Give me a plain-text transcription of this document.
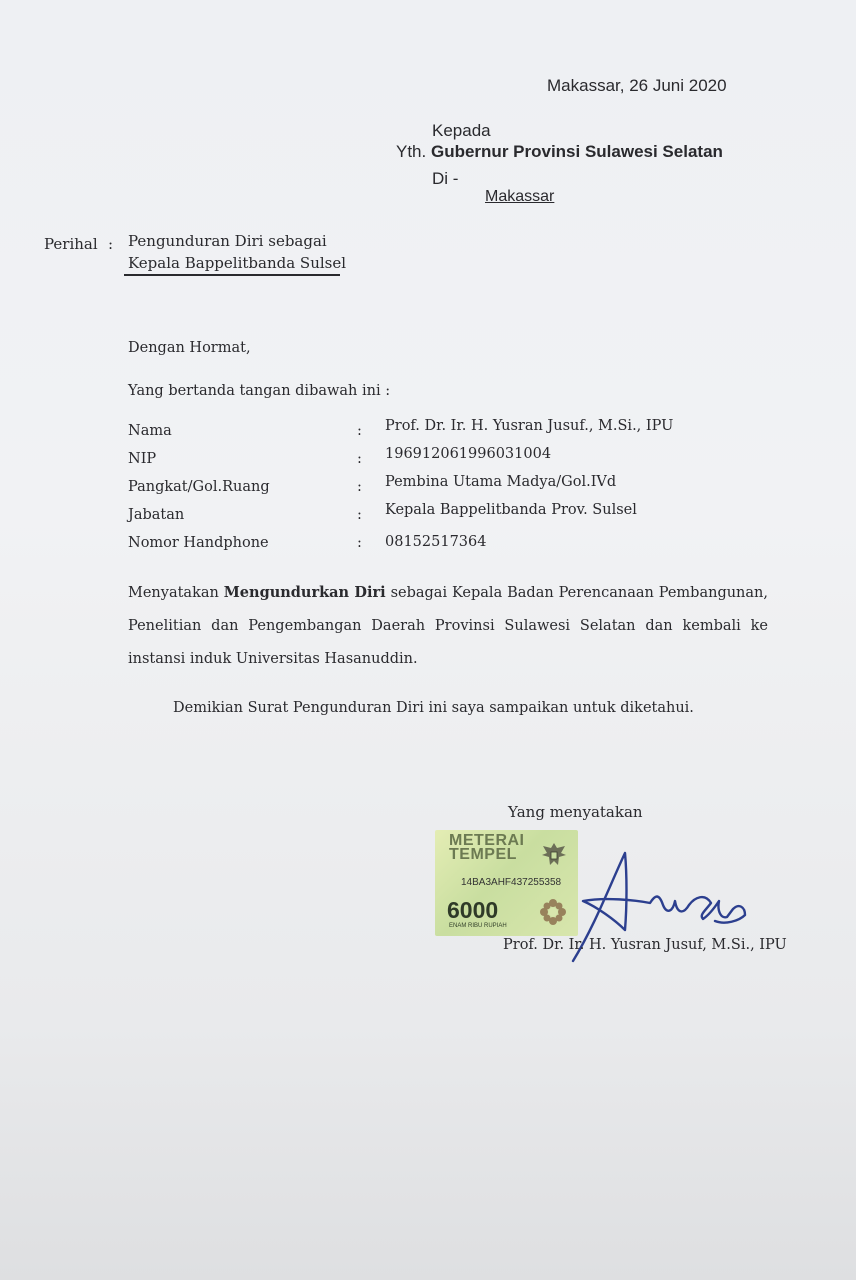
Makassar, 26 Juni 2020
Kepada
Yth. Gubernur Provinsi Sulawesi Selatan
Di -
Makassar
Perihal : Pengunduran Diri sebagai
Kepala Bappelitbanda Sulsel
Dengan Hormat,
Yang bertanda tangan dibawah ini :
Nama	: Prof. Dr. Ir. H. Yusran Jusuf., M.Si., IPU
NIP	: 196912061996031004
Pangkat/Gol.Ruang	: Pembina Utama Madya/Gol.IVd
Jabatan	: Kepala Bappelitbanda Prov. Sulsel
Nomor Handphone	: 08152517364
Menyatakan Mengundurkan Diri sebagai Kepala Badan Perencanaan Pembangunan, Penelitian dan Pengembangan Daerah Provinsi Sulawesi Selatan dan kembali ke instansi induk Universitas Hasanuddin.
Demikian Surat Pengunduran Diri ini saya sampaikan untuk diketahui.
Yang menyatakan
METERAI
TEMPEL
14BA3AHF437255358
6000
ENAM RIBU RUPIAH
Prof. Dr. Ir. H. Yusran Jusuf, M.Si., IPU
